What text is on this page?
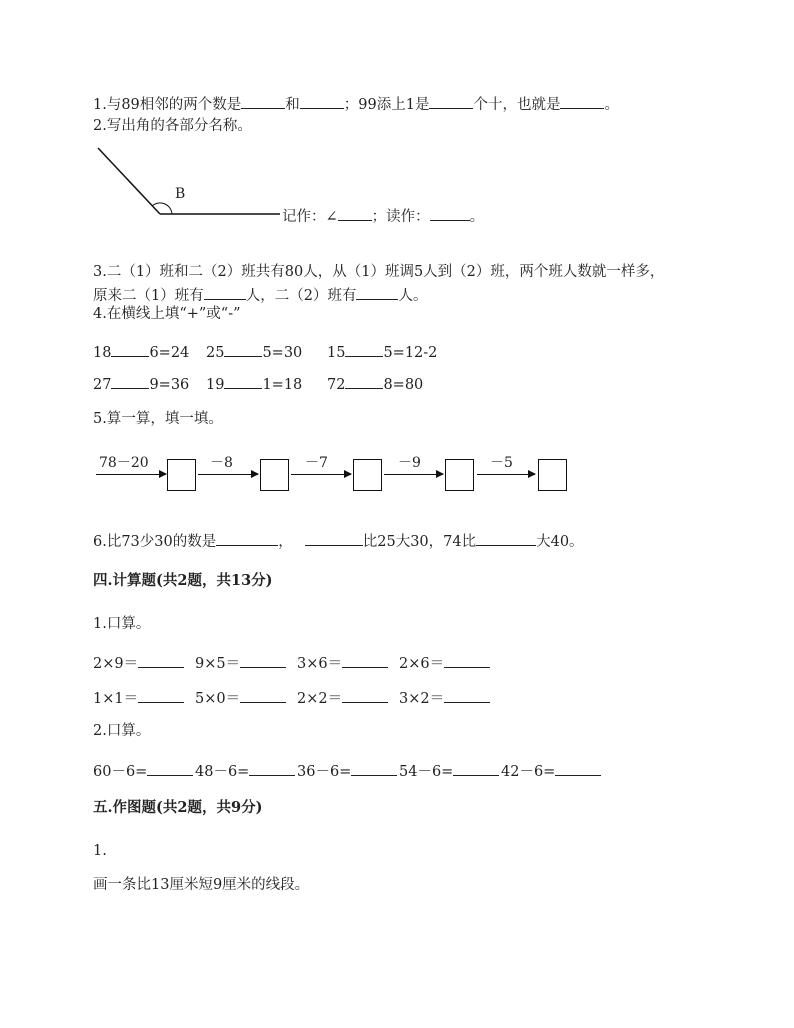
1.与89相邻的两个数是	和	；99添上1是	个十，也就是	。
2.写出角的各部分名称。
B
记作：∠ ；读作：	。
3.二（1）班和二（2）班共有80人，从（1）班调5人到（2）班，两个班人数就一样多，
原来二（1）班有	人，二（2）班有	人。
4.在横线上填“+”或“-”
18	6=24 25	5=30 15	5=12-2
27	9=36 19	1=18 72	8=80
5.算一算，填一填。
78－20	－8	－7	－9	－5
6.比73少30的数是	，	比25大30，74比	大40。
四.计算题(共2题，共13分)
1.口算。
2×9＝	9×5＝	3×6＝	2×6＝
1×1＝	5×0＝	2×2＝	3×2＝
2.口算。
60－6=	48－6=	36－6=	54－6=	42－6=
五.作图题(共2题，共9分)
1.
画一条比13厘米短9厘米的线段。
